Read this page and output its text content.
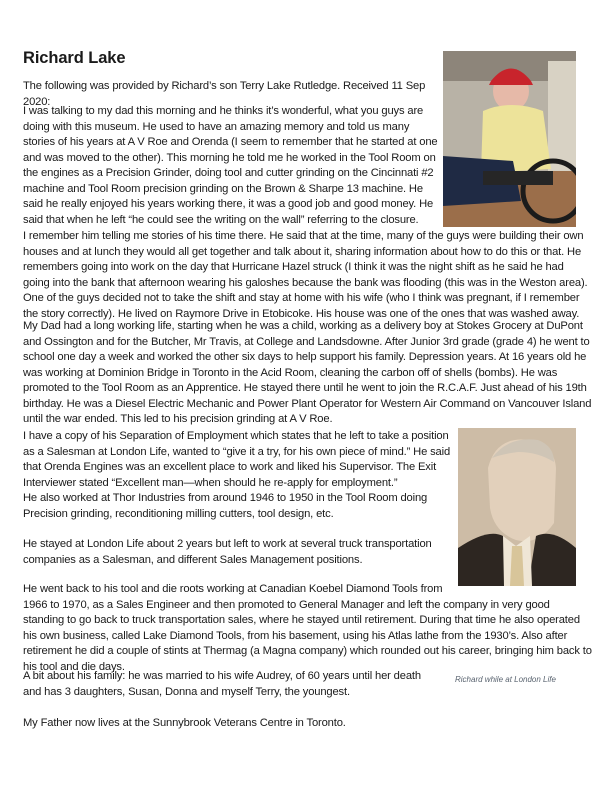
Richard Lake

The following was provided by Richard’s son Terry Lake Rutledge. Received 11 Sep 2020:

I was talking to my dad this morning and he thinks it’s wonderful, what you guys are doing with this museum. He used to have an amazing memory and told us many stories of his years at A V Roe and Orenda (I seem to remember that he started at one and was moved to the other). This morning he told me he worked in the Tool Room on the engines as a Precision Grinder, doing tool and cutter grinding on the Cincinnati #2 machine and Tool Room precision grinding on the Brown & Sharpe 13 machine. He said he really enjoyed his years working there, it was a good job and good money. He said that when he left “he could see the writing on the wall” referring to the closure.

I remember him telling me stories of his time there. He said that at the time, many of the guys were building their own houses and at lunch they would all get together and talk about it, sharing information about how to do this or that. He remembers going into work on the day that Hurricane Hazel struck (I think it was the night shift as he said he had going into the bank that afternoon wearing his galoshes because the bank was flooding (this was in the Weston area). One of the guys decided not to take the shift and stay at home with his wife (who I think was pregnant, if I remember the story correctly). He lived on Raymore Drive in Etobicoke. His house was one of the ones that was washed away.

My Dad had a long working life, starting when he was a child, working as a delivery boy at Stokes Grocery at DuPont and Ossington and for the Butcher, Mr Travis, at College and Landsdowne. After Junior 3rd grade (grade 4) he went to school one day a week and worked the other six days to help support his family. Depression years. At 16 years old he was working at Dominion Bridge in Toronto in the Acid Room, cleaning the carbon off of shells (bombs). He was promoted to the Tool Room as an Apprentice. He stayed there until he went to join the R.C.A.F. Just ahead of his 19th birthday. He was a Diesel Electric Mechanic and Power Plant Operator for Western Air Command on Vancouver Island until the war ended. This led to his precision grinding at A V Roe.

I have a copy of his Separation of Employment which states that he left to take a position as a Salesman at London Life, wanted to “give it a try, for his own piece of mind.” He said that Orenda Engines was an excellent place to work and liked his Supervisor. The Exit Interviewer stated “Excellent man—when should he re-apply for employment.”

He also worked at Thor Industries from around 1946 to 1950 in the Tool Room doing Precision grinding, reconditioning milling cutters, tool design, etc.

He stayed at London Life about 2 years but left to work at several truck transportation companies as a Salesman, and different Sales Management positions.

He went back to his tool and die roots working at Canadian Koebel Diamond Tools from 1966 to 1970, as a Sales Engineer and then promoted to General Manager and left the company in very good standing to go back to truck transportation sales, where he stayed until retirement. During that time he also operated his own business, called Lake Diamond Tools, from his basement, using his Atlas lathe from the 1930’s. Also after retirement he did a couple of stints at Thermag (a Magna company) which rounded out his career, bringing him back to his tool and die days.

A bit about his family: he was married to his wife Audrey, of 60 years until her death and has 3 daughters, Susan, Donna and myself Terry, the youngest.

My Father now lives at the Sunnybrook Veterans Centre in Toronto.

Richard while at London Life
